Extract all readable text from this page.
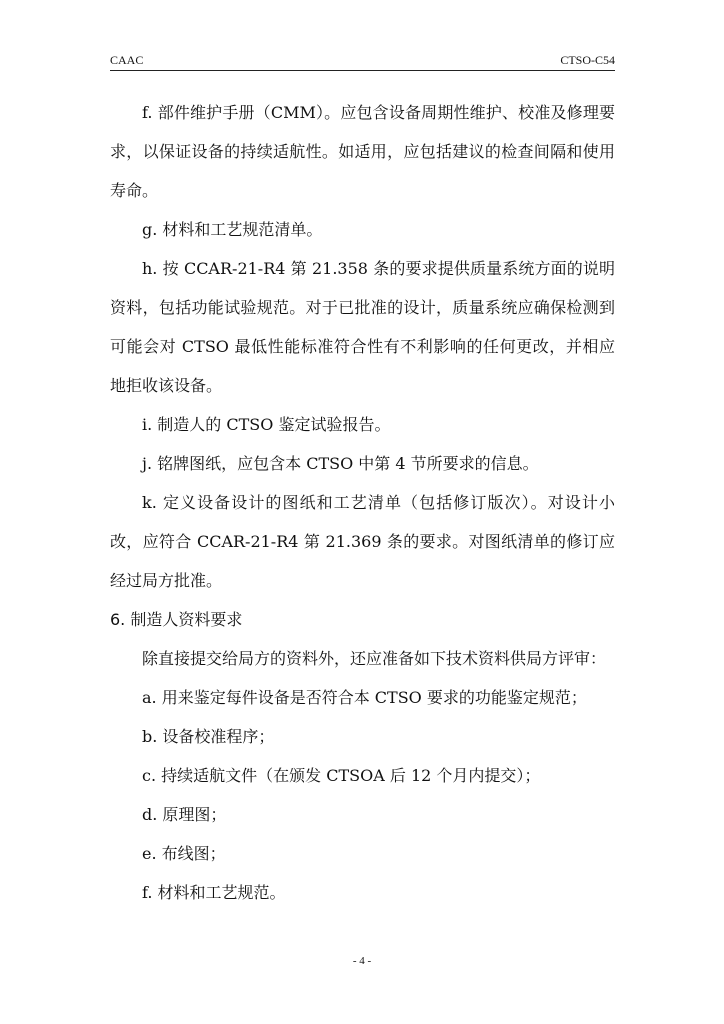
CAAC	CTSO-C54

f. 部件维护手册（CMM）。应包含设备周期性维护、校准及修理要求，以保证设备的持续适航性。如适用，应包括建议的检查间隔和使用寿命。

g. 材料和工艺规范清单。

h. 按 CCAR-21-R4 第 21.358 条的要求提供质量系统方面的说明资料，包括功能试验规范。对于已批准的设计，质量系统应确保检测到可能会对 CTSO 最低性能标准符合性有不利影响的任何更改，并相应地拒收该设备。

i. 制造人的 CTSO 鉴定试验报告。

j. 铭牌图纸，应包含本 CTSO 中第 4 节所要求的信息。

k. 定义设备设计的图纸和工艺清单（包括修订版次）。对设计小改，应符合 CCAR-21-R4 第 21.369 条的要求。对图纸清单的修订应经过局方批准。

6. 制造人资料要求

除直接提交给局方的资料外，还应准备如下技术资料供局方评审：

a. 用来鉴定每件设备是否符合本 CTSO 要求的功能鉴定规范；

b. 设备校准程序；

c. 持续适航文件（在颁发 CTSOA 后 12 个月内提交）；

d. 原理图；

e. 布线图；

f. 材料和工艺规范。

- 4 -
